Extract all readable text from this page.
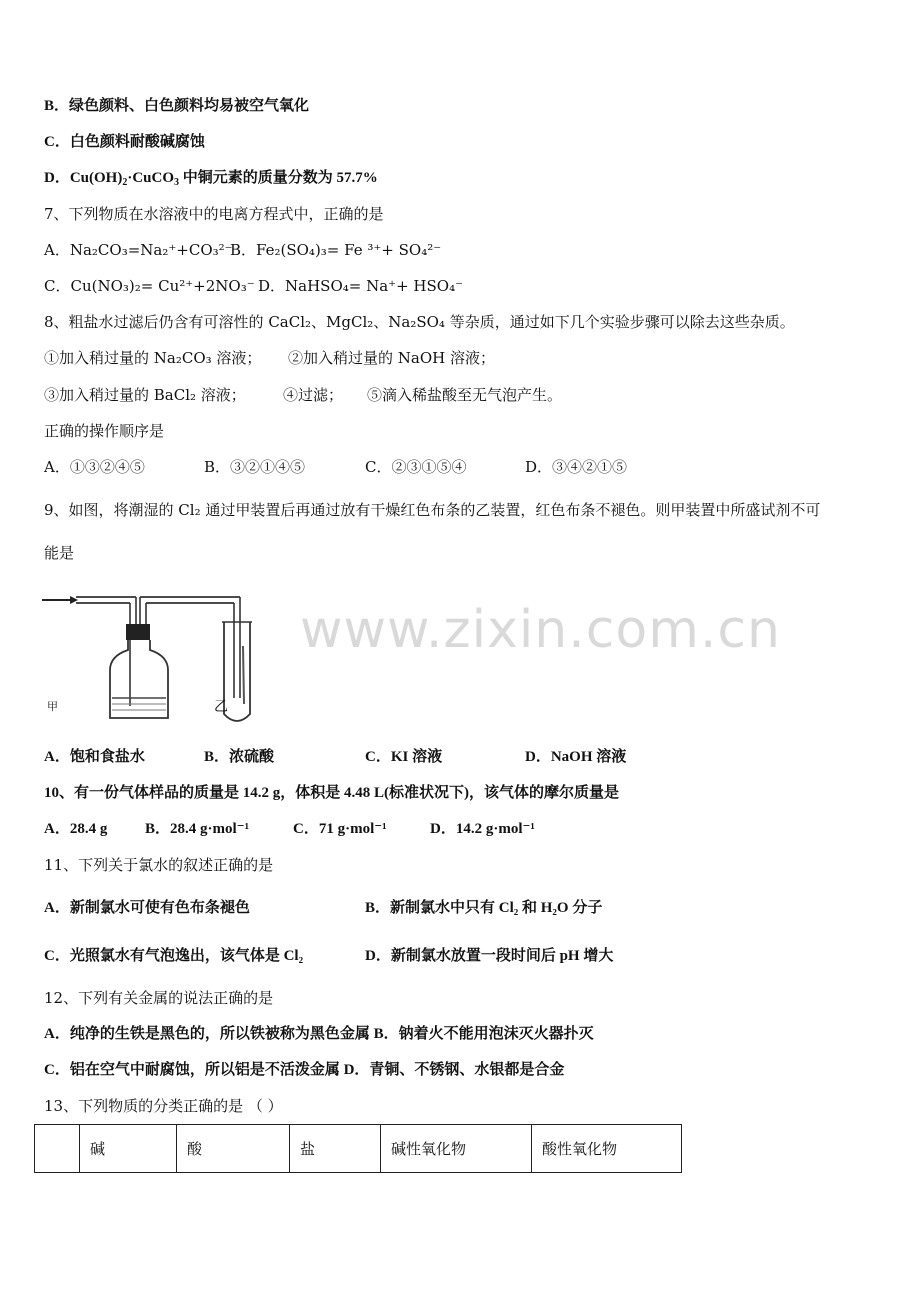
B．绿色颜料、白色颜料均易被空气氧化
C．白色颜料耐酸碱腐蚀
D．$Cu(OH)_2\cdot CuCO_3$ 中铜元素的质量分数为 57.7%
7、下列物质在水溶液中的电离方程式中，正确的是
A．Na₂CO₃=Na₂⁺+CO₃²⁻
B．Fe₂(SO₄)₃= Fe ³⁺+ SO₄²⁻
C．Cu(NO₃)₂= Cu²⁺+2NO₃⁻ D．NaHSO₄= Na⁺+ HSO₄⁻
8、粗盐水过滤后仍含有可溶性的 CaCl₂、MgCl₂、Na₂SO₄ 等杂质，通过如下几个实验步骤可以除去这些杂质。
①加入稍过量的 Na₂CO₃ 溶液； ②加入稍过量的 NaOH 溶液；
③加入稍过量的 BaCl₂ 溶液； ④过滤； ⑤滴入稀盐酸至无气泡产生。
正确的操作顺序是
A．①③②④⑤	B．③②①④⑤	C．②③①⑤④	D．③④②①⑤
9、如图，将潮湿的 Cl₂ 通过甲装置后再通过放有干燥红色布条的乙装置，红色布条不褪色。则甲装置中所盛试剂不可
能是
www.zixin.com.cn
甲	乙
A．饱和食盐水	B．浓硫酸	C．KI 溶液	D．NaOH 溶液
10、有一份气体样品的质量是 14.2 g，体积是 4.48 L(标准状况下)，该气体的摩尔质量是
A．28.4 g	B．28.4 g·mol⁻¹	C．71 g·mol⁻¹	D．14.2 g·mol⁻¹
11、下列关于氯水的叙述正确的是
A．新制氯水可使有色布条褪色	B．新制氯水中只有 Cl₂ 和 H₂O 分子
C．光照氯水有气泡逸出，该气体是 Cl₂	D．新制氯水放置一段时间后 pH 增大
12、下列有关金属的说法正确的是
A．纯净的生铁是黑色的，所以铁被称为黑色金属 B．钠着火不能用泡沫灭火器扑灭
C．铝在空气中耐腐蚀，所以铝是不活泼金属 D．青铜、不锈钢、水银都是合金
13、下列物质的分类正确的是 （ ）
	碱	酸	盐	碱性氧化物	酸性氧化物
